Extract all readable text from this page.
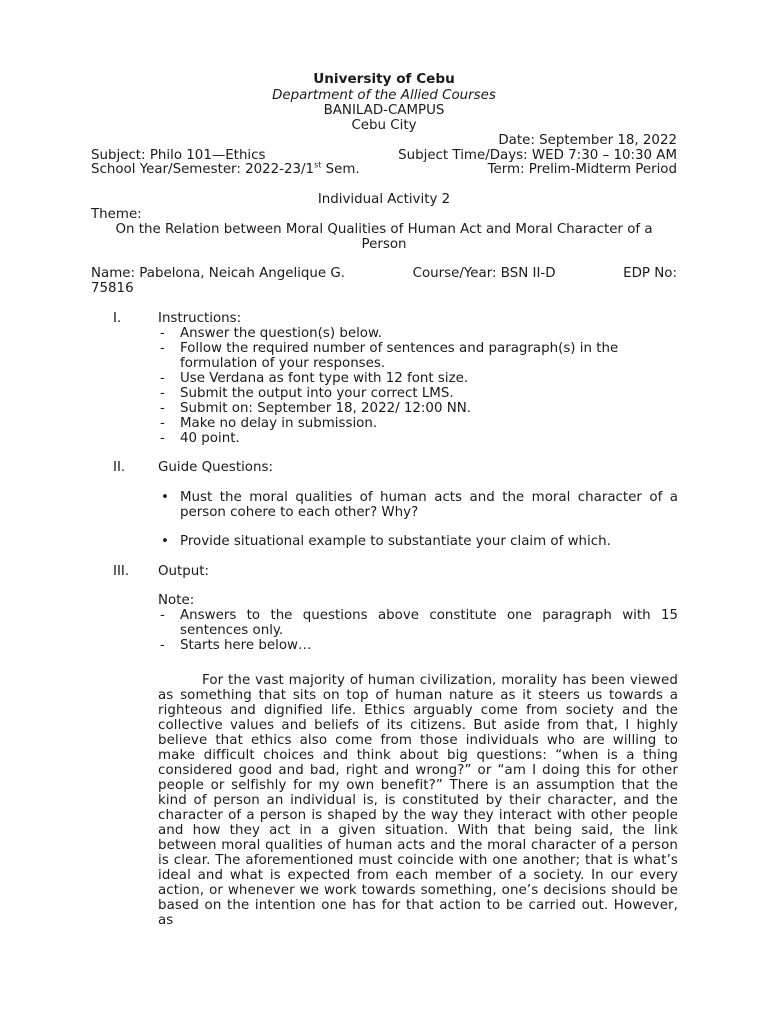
University of Cebu
Department of the Allied Courses
BANILAD-CAMPUS
Cebu City
Date: September 18, 2022
Subject: Philo 101—Ethics	Subject Time/Days: WED 7:30 – 10:30 AM
School Year/Semester: 2022-23/1st Sem.	Term: Prelim-Midterm Period
Individual Activity 2
Theme:
On the Relation between Moral Qualities of Human Act and Moral Character of a Person
Name: Pabelona, Neicah Angelique G.	Course/Year: BSN II-D	EDP No:
75816
I.	Instructions:
- Answer the question(s) below.
- Follow the required number of sentences and paragraph(s) in the formulation of your responses.
- Use Verdana as font type with 12 font size.
- Submit the output into your correct LMS.
- Submit on: September 18, 2022/ 12:00 NN.
- Make no delay in submission.
- 40 point.
II. Guide Questions:
• Must the moral qualities of human acts and the moral character of a person cohere to each other? Why?
• Provide situational example to substantiate your claim of which.
III. Output:
Note:
- Answers to the questions above constitute one paragraph with 15 sentences only.
- Starts here below…

For the vast majority of human civilization, morality has been viewed as something that sits on top of human nature as it steers us towards a righteous and dignified life. Ethics arguably come from society and the collective values and beliefs of its citizens. But aside from that, I highly believe that ethics also come from those individuals who are willing to make difficult choices and think about big questions: “when is a thing considered good and bad, right and wrong?” or “am I doing this for other people or selfishly for my own benefit?” There is an assumption that the kind of person an individual is, is constituted by their character, and the character of a person is shaped by the way they interact with other people and how they act in a given situation. With that being said, the link between moral qualities of human acts and the moral character of a person is clear. The aforementioned must coincide with one another; that is what’s ideal and what is expected from each member of a society. In our every action, or whenever we work towards something, one’s decisions should be based on the intention one has for that action to be carried out. However, as
